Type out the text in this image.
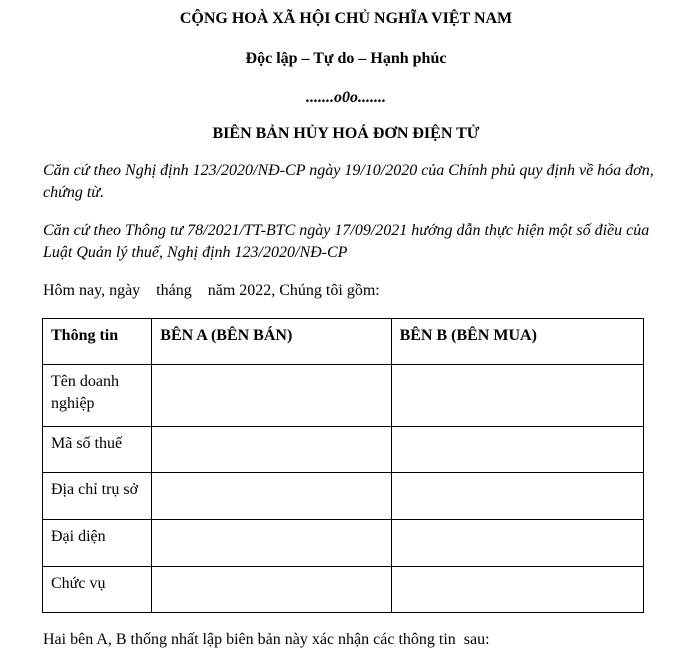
CỘNG HOÀ XÃ HỘI CHỦ NGHĨA VIỆT NAM
Độc lập – Tự do – Hạnh phúc
.......o0o.......
BIÊN BẢN HỦY HOÁ ĐƠN ĐIỆN TỬ
Căn cứ theo Nghị định 123/2020/NĐ-CP ngày 19/10/2020 của Chính phủ quy định về hóa đơn, chứng từ.
Căn cứ theo Thông tư 78/2021/TT-BTC ngày 17/09/2021 hướng dẫn thực hiện một số điều của Luật Quản lý thuế, Nghị định 123/2020/NĐ-CP
Hôm nay, ngày    tháng    năm 2022, Chúng tôi gồm:
Thông tin	BÊN A (BÊN BÁN)	BÊN B (BÊN MUA)
Tên doanh nghiệp		
Mã số thuế		
Địa chỉ trụ sở		
Đại diện		
Chức vụ		
Hai bên A, B thống nhất lập biên bản này xác nhận các thông tin  sau:
